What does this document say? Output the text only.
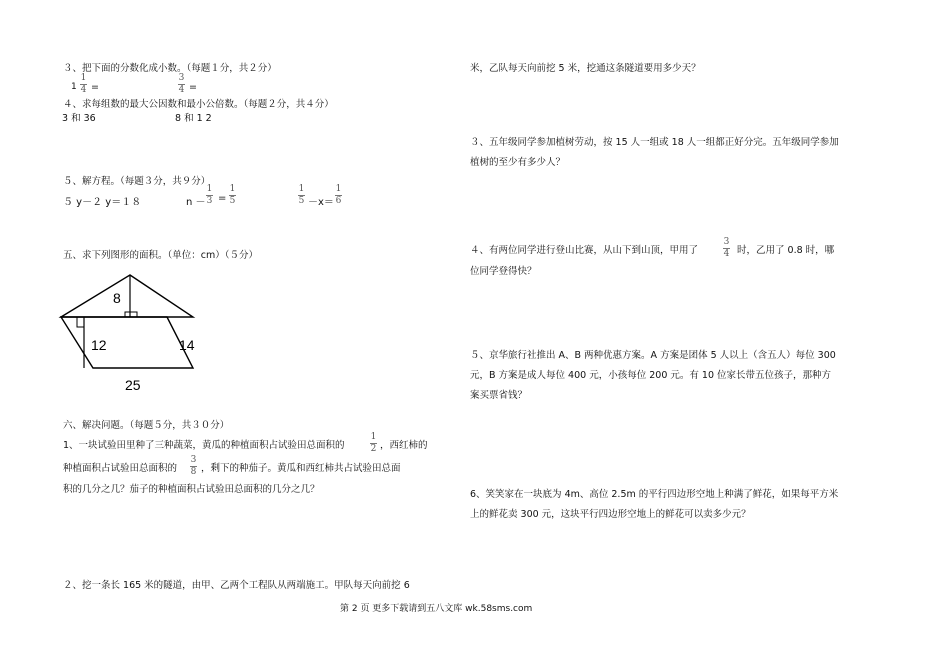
３、把下面的分数化成小数。（每题１分，共２分）
1
1
4 =
3
4 =
４、求每组数的最大公因数和最小公倍数。（每题２分，共４分）
3 和 36	8 和 1 2
５、解方程。（每题３分，共９分）
５ y－２ y＝１８	n －
1
3 =
1
5
1
5 －x＝
1
6
五、求下列图形的面积。（单位：cm）（５分）
8
12	14
25
六、解决问题。（每题５分，共３０分）
1、一块试验田里种了三种蔬菜，黄瓜的种植面积占试验田总面积的
1
2 ，西红柿的
种植面积占试验田总面积的
3
8 ，剩下的种茄子。黄瓜和西红柿共占试验田总面
积的几分之几？茄子的种植面积占试验田总面积的几分之几？
２、挖一条长 165 米的隧道，由甲、乙两个工程队从两端施工。甲队每天向前挖 6
米，乙队每天向前挖 5 米，挖通这条隧道要用多少天？
３、五年级同学参加植树劳动，按 15 人一组或 18 人一组都正好分完。五年级同学参加植树的至少有多少人？
４、有两位同学进行登山比赛，从山下到山顶，甲用了
3
4 时，乙用了 0.8 时，哪
位同学登得快？
５、京华旅行社推出 A、B 两种优惠方案。A 方案是团体 5 人以上（含五人）每位 300 元，B 方案是成人每位 400 元，小孩每位 200 元。有 10 位家长带五位孩子，那种方案买票省钱？
6、笑笑家在一块底为 4m、高位 2.5m 的平行四边形空地上种满了鲜花，如果每平方米上的鲜花卖 300 元，这块平行四边形空地上的鲜花可以卖多少元？
第 2 页 更多下载请到五八文库 wk.58sms.com
